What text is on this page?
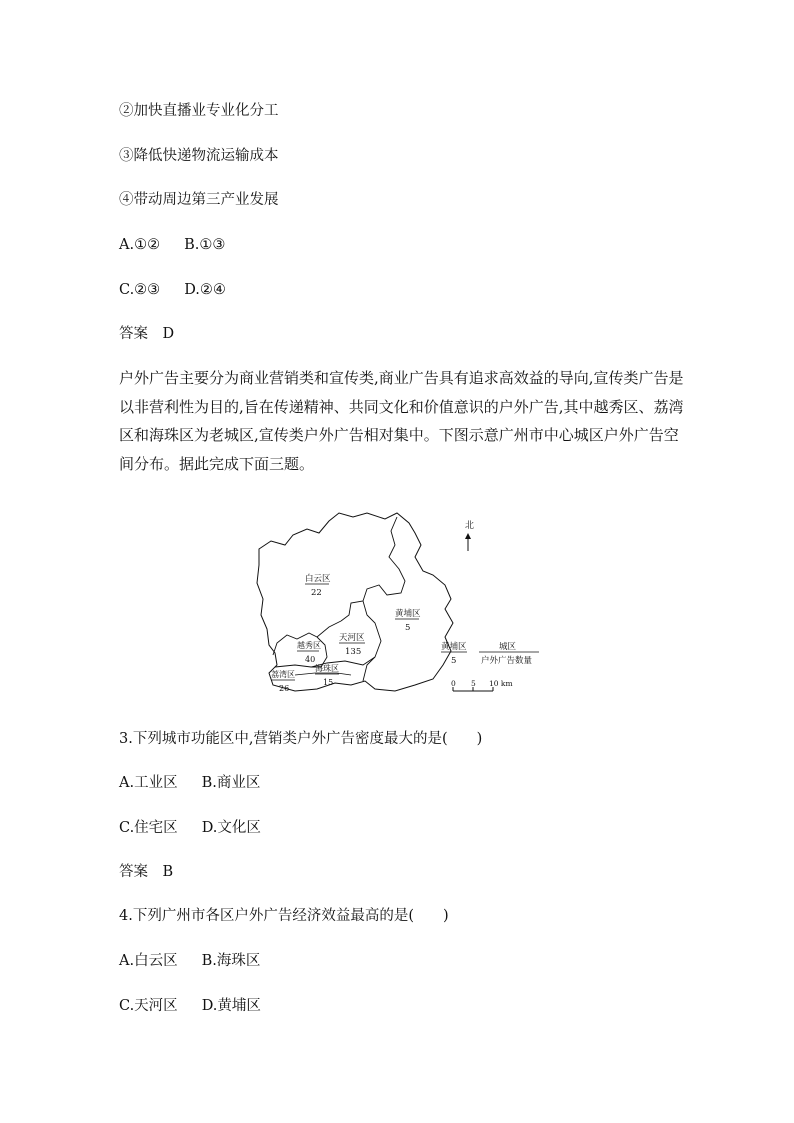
②加快直播业专业化分工
③降低快递物流运输成本
④带动周边第三产业发展
A.①② B.①③
C.②③ D.②④
答案　D
户外广告主要分为商业营销类和宣传类,商业广告具有追求高效益的导向,宣传类广告是以非营利性为目的,旨在传递精神、共同文化和价值意识的户外广告,其中越秀区、荔湾区和海珠区为老城区,宣传类户外广告相对集中。下图示意广州市中心城区户外广告空间分布。据此完成下面三题。
北
白云区
22
黄埔区
5
天河区
135
越秀区
40
海珠区
15
荔湾区
26
黄埔区
5
城区
户外广告数量
0 5 10 km
3.下列城市功能区中,营销类户外广告密度最大的是(　　)
A.工业区 B.商业区
C.住宅区 D.文化区
答案　B
4.下列广州市各区户外广告经济效益最高的是(　　)
A.白云区 B.海珠区
C.天河区 D.黄埔区
